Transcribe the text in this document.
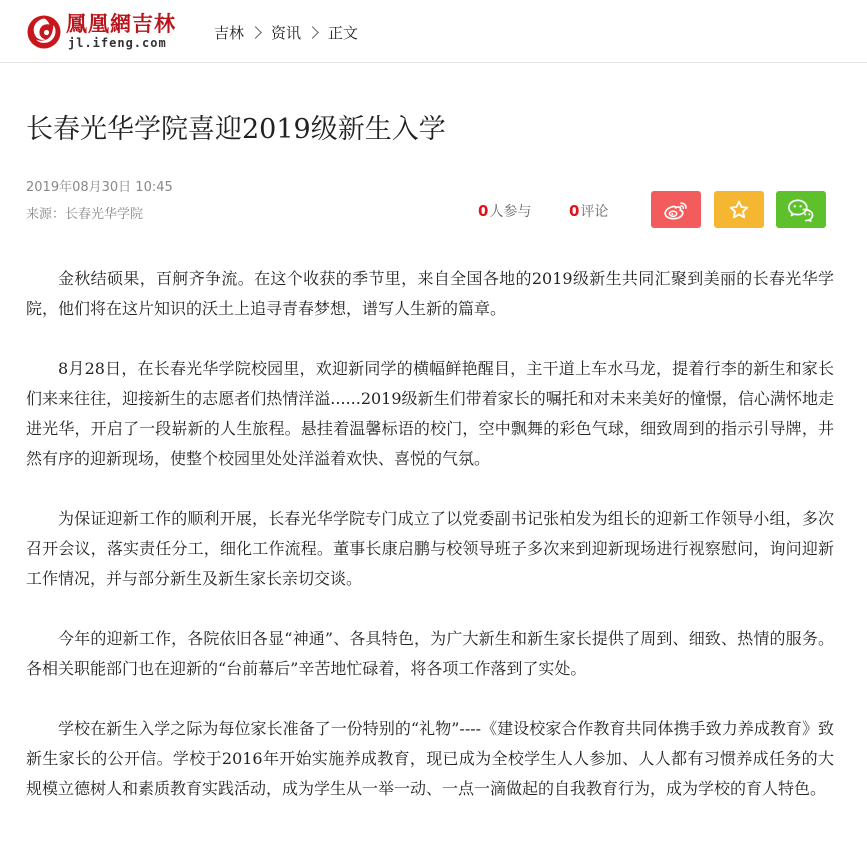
鳳凰網吉林
jl.ifeng.com
吉林 资讯 正文
长春光华学院喜迎2019级新生入学
2019年08月30日 10:45
来源：长春光华学院	0人参与	0评论

金秋结硕果，百舸齐争流。在这个收获的季节里，来自全国各地的2019级新生共同汇聚到美丽的长春光华学院，他们将在这片知识的沃土上追寻青春梦想，谱写人生新的篇章。

8月28日，在长春光华学院校园里，欢迎新同学的横幅鲜艳醒目，主干道上车水马龙，提着行李的新生和家长们来来往往，迎接新生的志愿者们热情洋溢......2019级新生们带着家长的嘱托和对未来美好的憧憬，信心满怀地走进光华，开启了一段崭新的人生旅程。悬挂着温馨标语的校门，空中飘舞的彩色气球，细致周到的指示引导牌，井然有序的迎新现场，使整个校园里处处洋溢着欢快、喜悦的气氛。

为保证迎新工作的顺利开展，长春光华学院专门成立了以党委副书记张柏发为组长的迎新工作领导小组，多次召开会议，落实责任分工，细化工作流程。董事长康启鹏与校领导班子多次来到迎新现场进行视察慰问，询问迎新工作情况，并与部分新生及新生家长亲切交谈。

今年的迎新工作，各院依旧各显“神通”、各具特色，为广大新生和新生家长提供了周到、细致、热情的服务。各相关职能部门也在迎新的“台前幕后”辛苦地忙碌着，将各项工作落到了实处。

学校在新生入学之际为每位家长准备了一份特别的“礼物”----《建设校家合作教育共同体携手致力养成教育》致新生家长的公开信。学校于2016年开始实施养成教育，现已成为全校学生人人参加、人人都有习惯养成任务的大规模立德树人和素质教育实践活动，成为学生从一举一动、一点一滴做起的自我教育行为，成为学校的育人特色。
